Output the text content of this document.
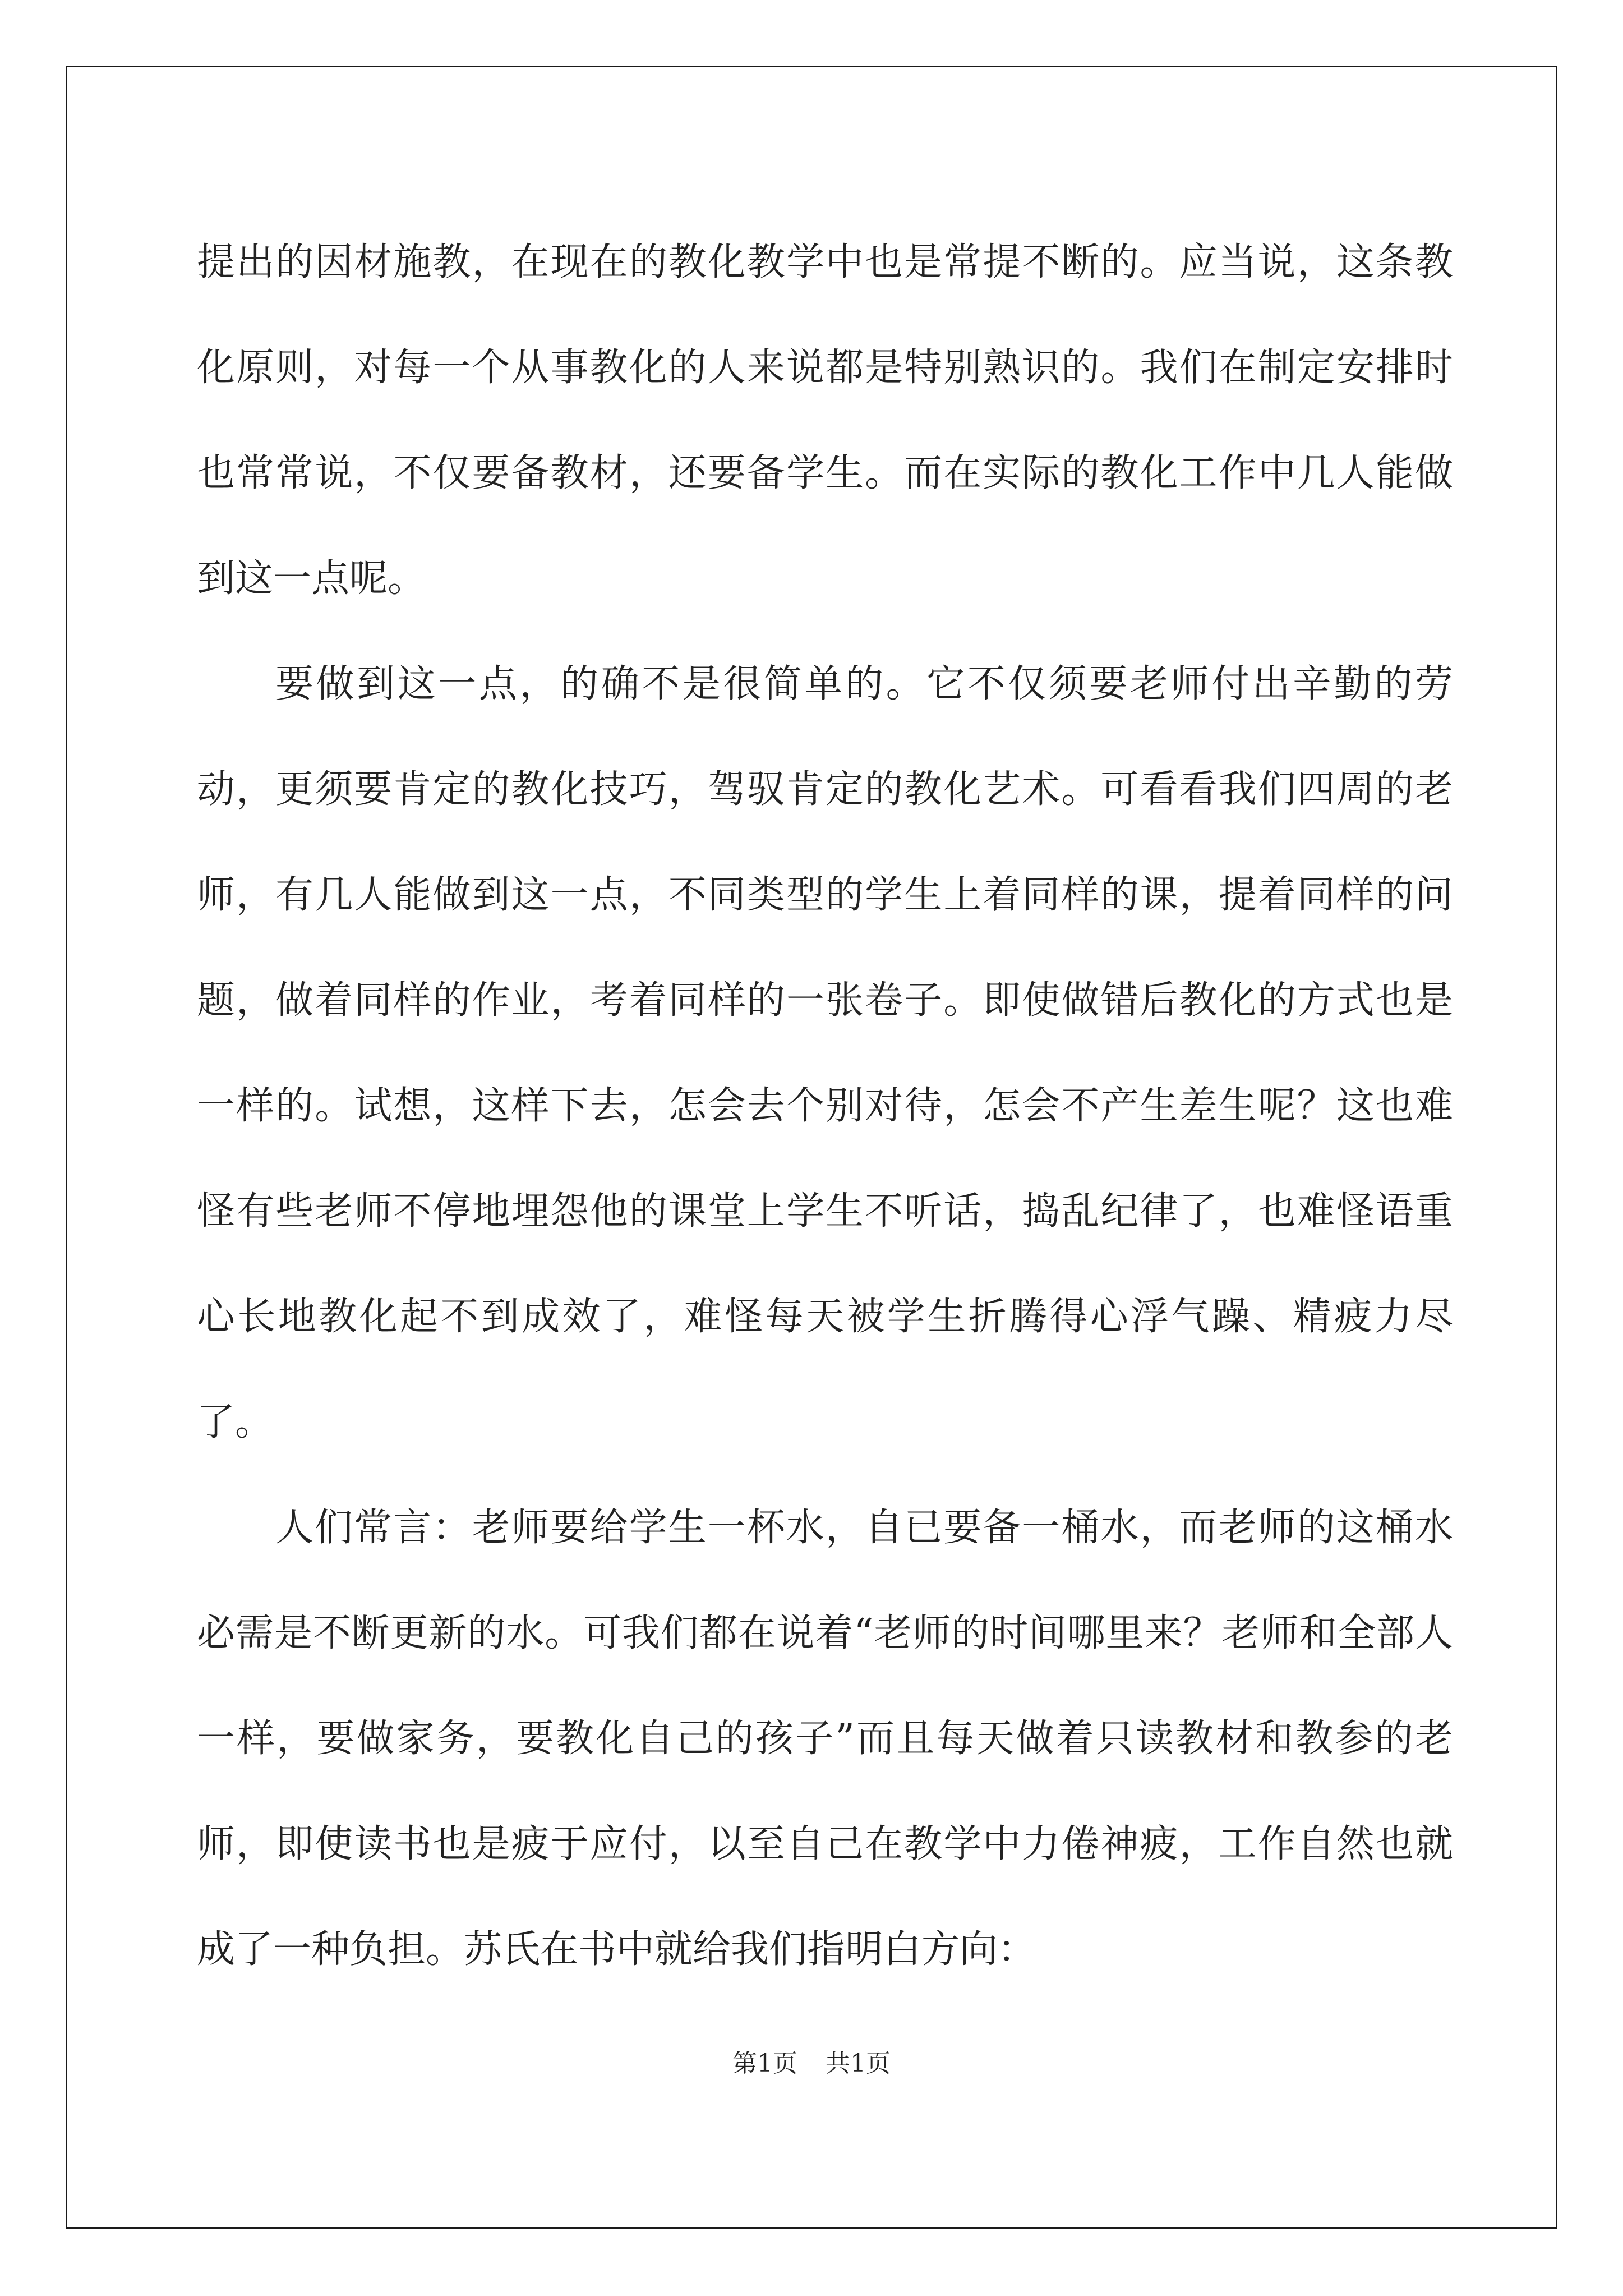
提出的因材施教，在现在的教化教学中也是常提不断的。应当说，这条教化原则，对每一个从事教化的人来说都是特别熟识的。我们在制定安排时也常常说，不仅要备教材，还要备学生。而在实际的教化工作中几人能做到这一点呢。

要做到这一点，的确不是很简单的。它不仅须要老师付出辛勤的劳动，更须要肯定的教化技巧，驾驭肯定的教化艺术。可看看我们四周的老师，有几人能做到这一点，不同类型的学生上着同样的课，提着同样的问题，做着同样的作业，考着同样的一张卷子。即使做错后教化的方式也是一样的。试想，这样下去，怎会去个别对待，怎会不产生差生呢？这也难怪有些老师不停地埋怨他的课堂上学生不听话，捣乱纪律了，也难怪语重心长地教化起不到成效了，难怪每天被学生折腾得心浮气躁、精疲力尽了。

人们常言：老师要给学生一杯水，自已要备一桶水，而老师的这桶水必需是不断更新的水。可我们都在说着“老师的时间哪里来？老师和全部人一样，要做家务，要教化自己的孩子”而且每天做着只读教材和教参的老师，即使读书也是疲于应付，以至自己在教学中力倦神疲，工作自然也就成了一种负担。苏氏在书中就给我们指明白方向：

第1页 共1页
